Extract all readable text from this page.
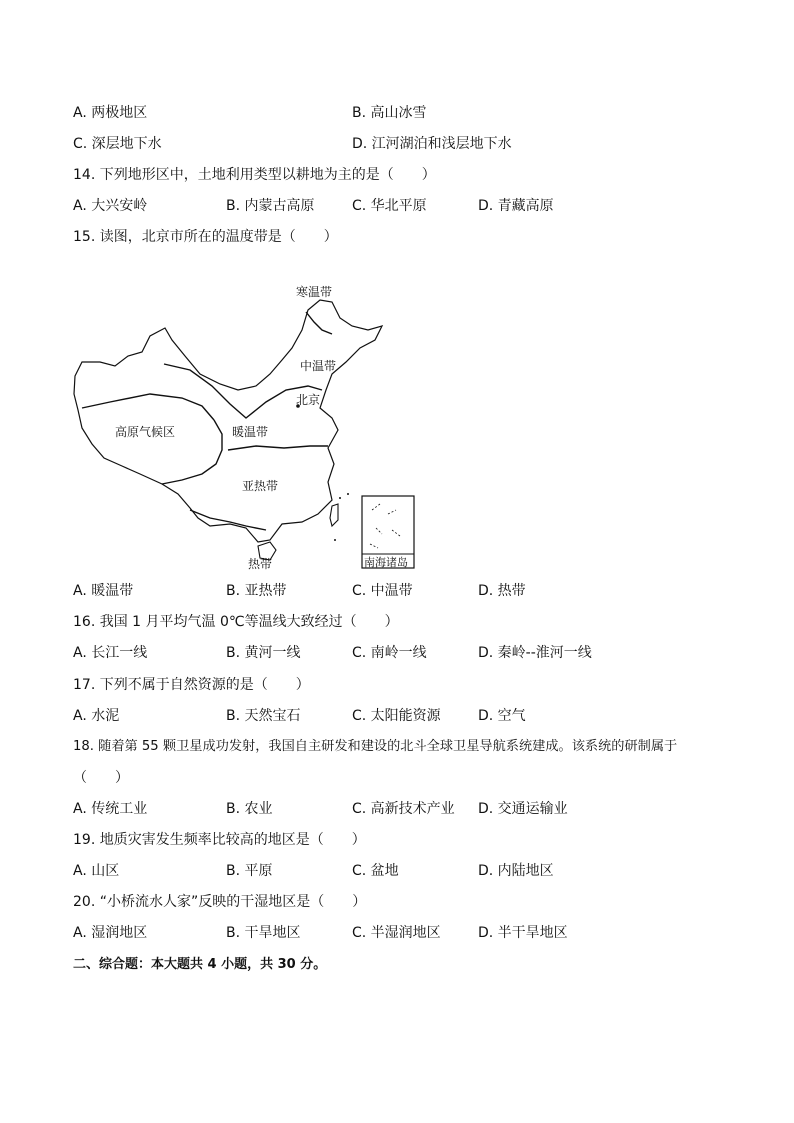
A. 两极地区	B. 高山冰雪
C. 深层地下水	D. 江河湖泊和浅层地下水
14. 下列地形区中，土地利用类型以耕地为主的是（　　）
A. 大兴安岭	B. 内蒙古高原	C. 华北平原	D. 青藏高原
15. 读图，北京市所在的温度带是（　　）
寒温带
中温带
北京
高原气候区	暖温带
亚热带
热带	南海诸岛
A. 暖温带	B. 亚热带	C. 中温带	D. 热带
16. 我国 1 月平均气温 0℃等温线大致经过（　　）
A. 长江一线	B. 黄河一线	C. 南岭一线	D. 秦岭--淮河一线
17. 下列不属于自然资源的是（　　）
A. 水泥	B. 天然宝石	C. 太阳能资源	D. 空气
18. 随着第 55 颗卫星成功发射，我国自主研发和建设的北斗全球卫星导航系统建成。该系统的研制属于
（　　）
A. 传统工业	B. 农业	C. 高新技术产业 D. 交通运输业
19. 地质灾害发生频率比较高的地区是（　　）
A. 山区	B. 平原	C. 盆地	D. 内陆地区
20. “小桥流水人家”反映的干湿地区是（　　）
A. 湿润地区	B. 干旱地区	C. 半湿润地区	D. 半干旱地区
二、综合题：本大题共 4 小题，共 30 分。
